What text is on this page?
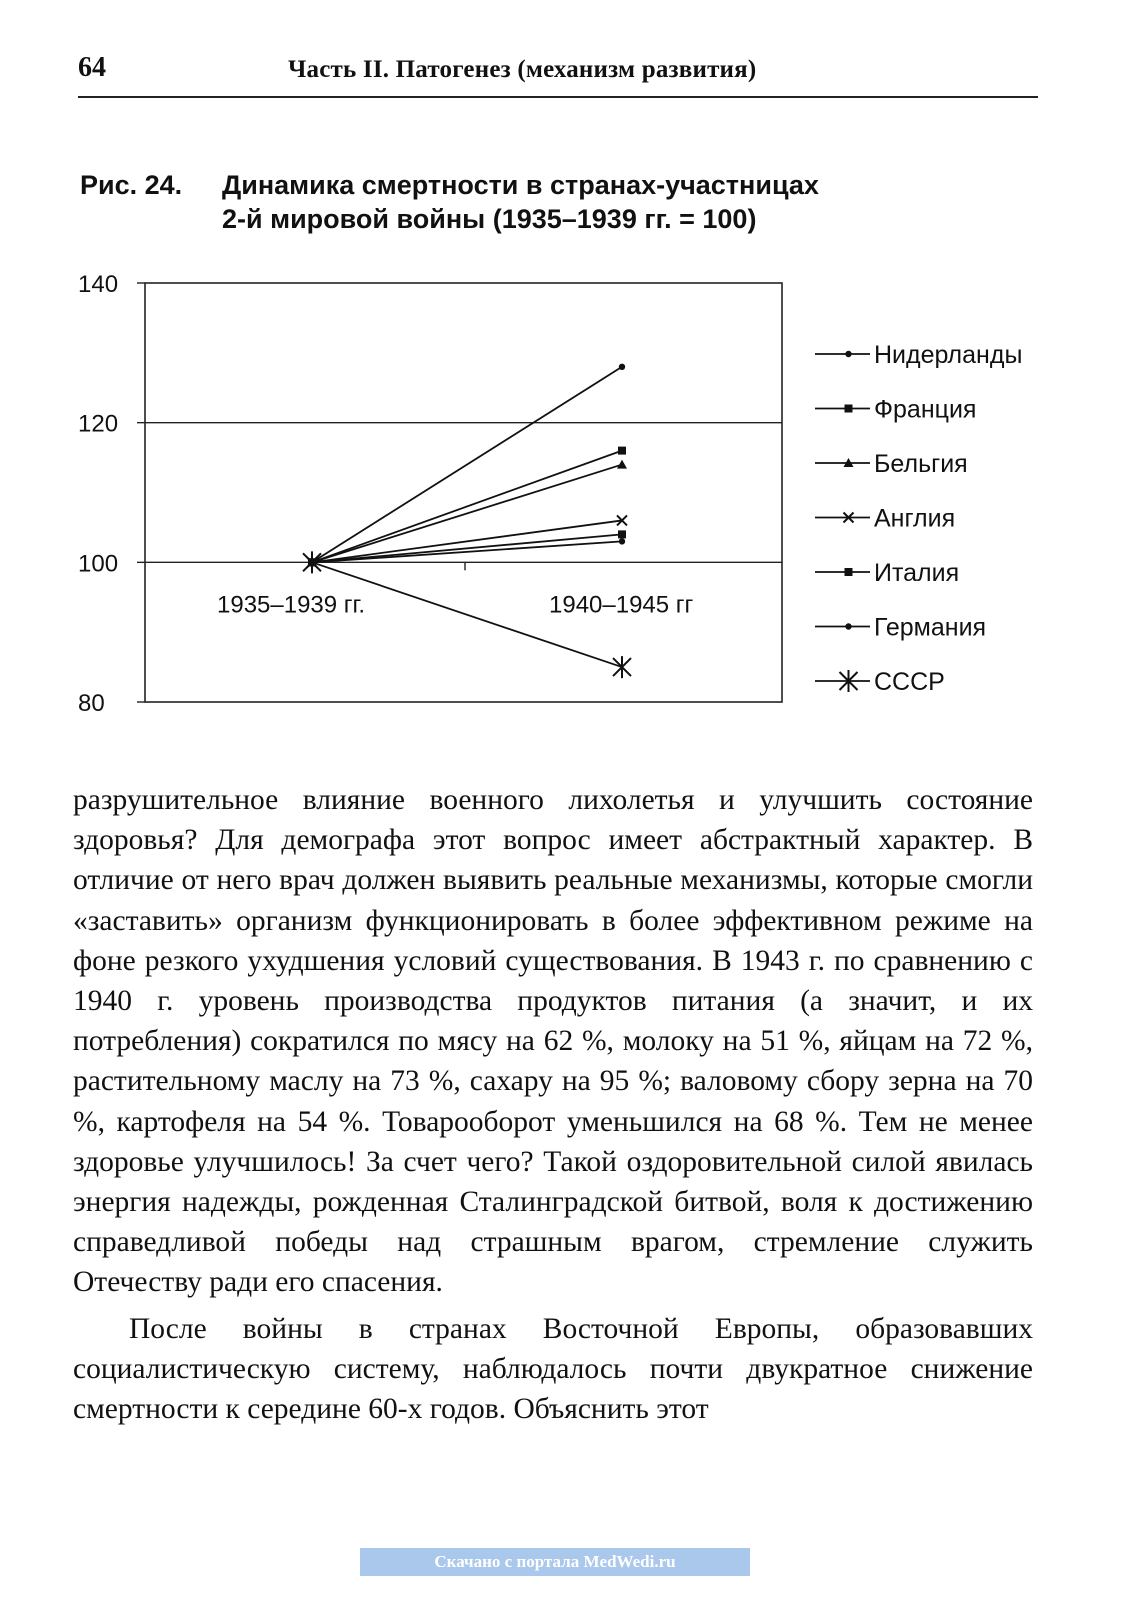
64	Часть II. Патогенез (механизм развития)
Рис. 24. Динамика смертности в странах-участницах
2-й мировой войны (1935–1939 гг. = 100)
80
100
120
140
1935–1939 гг.	1940–1945 гг
Нидерланды
Франция
Бельгия
Англия
Италия
Германия
СССР

разрушительное влияние военного лихолетья и улучшить состояние здоровья? Для демографа этот вопрос имеет абстрактный характер. В отличие от него врач должен выявить реальные механизмы, которые смогли «заставить» организм функционировать в более эффективном режиме на фоне резкого ухудшения условий существования. В 1943 г. по сравнению с 1940 г. уровень производства продуктов питания (а значит, и их потребления) сократился по мясу на 62 %, молоку на 51 %, яйцам на 72 %, растительному маслу на 73 %, сахару на 95 %; валовому сбору зерна на 70 %, картофеля на 54 %. Товарооборот уменьшился на 68 %. Тем не менее здоровье улучшилось! За счет чего? Такой оздоровительной силой явилась энергия надежды, рожденная Сталинградской битвой, воля к достижению справедливой победы над страшным врагом, стремление служить Отечеству ради его спасения.

После войны в странах Восточной Европы, образовавших социалистическую систему, наблюдалось почти двукратное снижение смертности к середине 60-х годов. Объяснить этот

Скачано с портала MedWedi.ru
